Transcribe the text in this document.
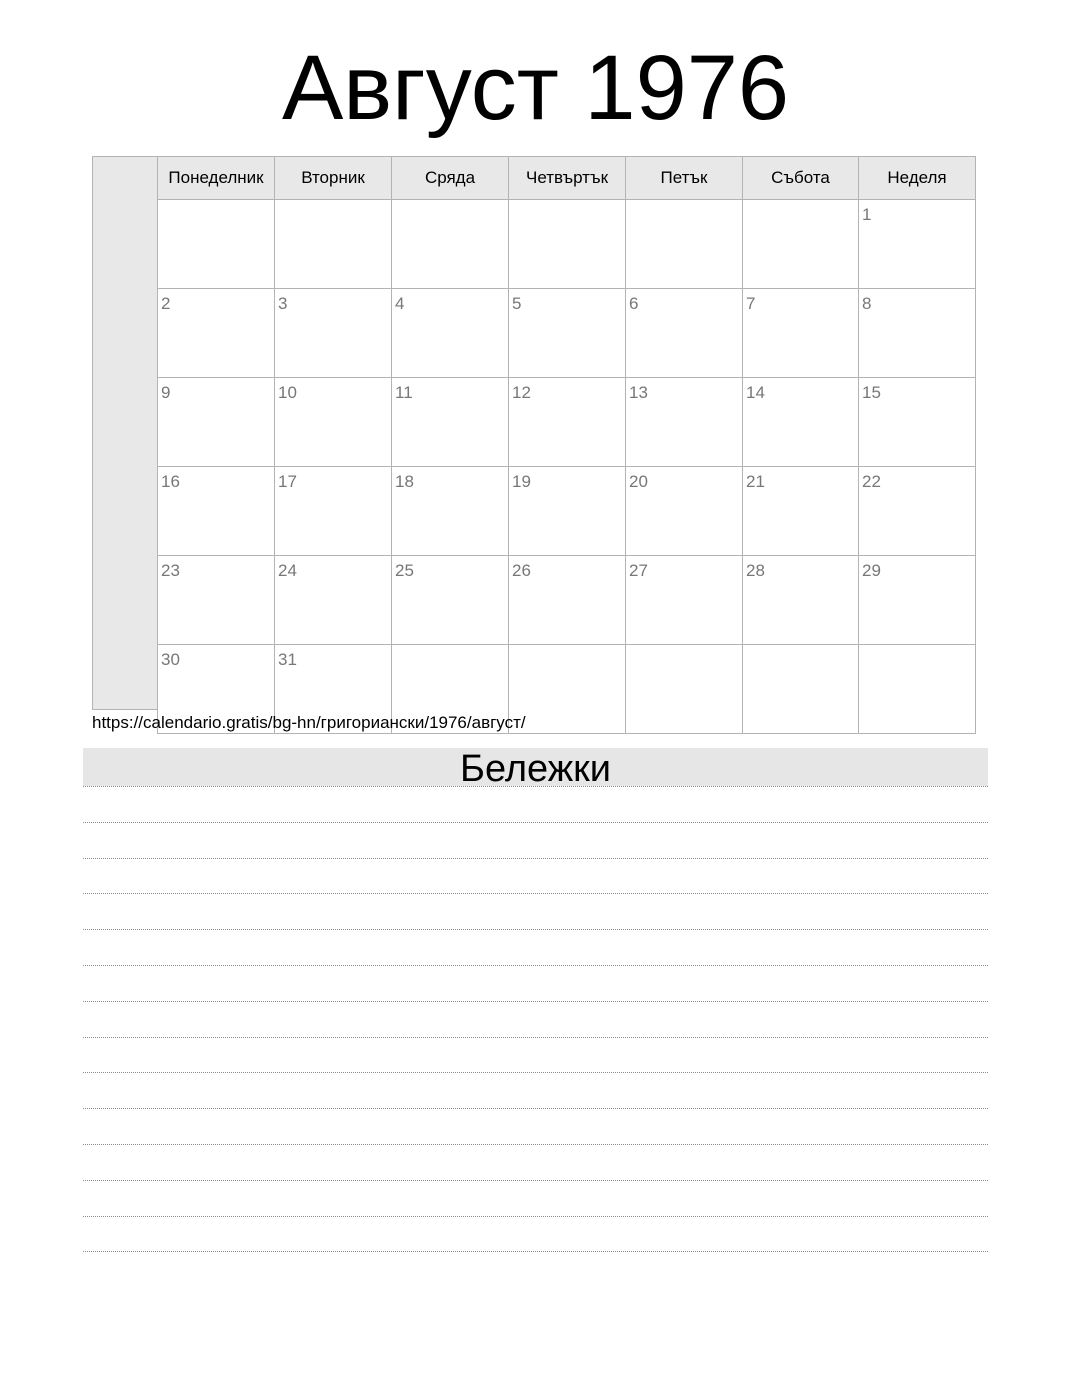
Август 1976
Понеделник	Вторник	Сряда	Четвъртък	Петък	Събота	Неделя
						1
2	3	4	5	6	7	8
9	10	11	12	13	14	15
16	17	18	19	20	21	22
23	24	25	26	27	28	29
30	31					
https://calendario.gratis/bg-hn/григориански/1976/август/
Бележки
